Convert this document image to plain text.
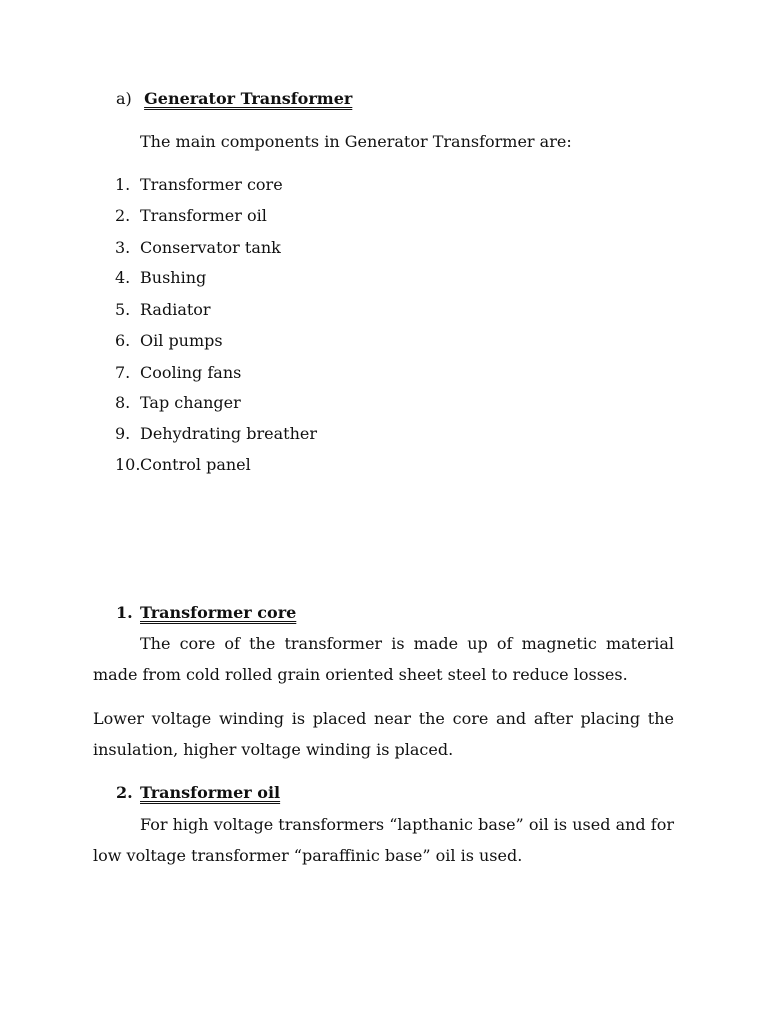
a) Generator Transformer
The main components in Generator Transformer are:
1. Transformer core
2. Transformer oil
3. Conservator tank
4. Bushing
5. Radiator
6. Oil pumps
7. Cooling fans
8. Tap changer
9. Dehydrating breather
10.Control panel
1. Transformer core

The core of the transformer is made up of magnetic material made from cold rolled grain oriented sheet steel to reduce losses.

Lower voltage winding is placed near the core and after placing the insulation, higher voltage winding is placed.

2. Transformer oil

For high voltage transformers “lapthanic base” oil is used and for low voltage transformer “paraffinic base” oil is used.
